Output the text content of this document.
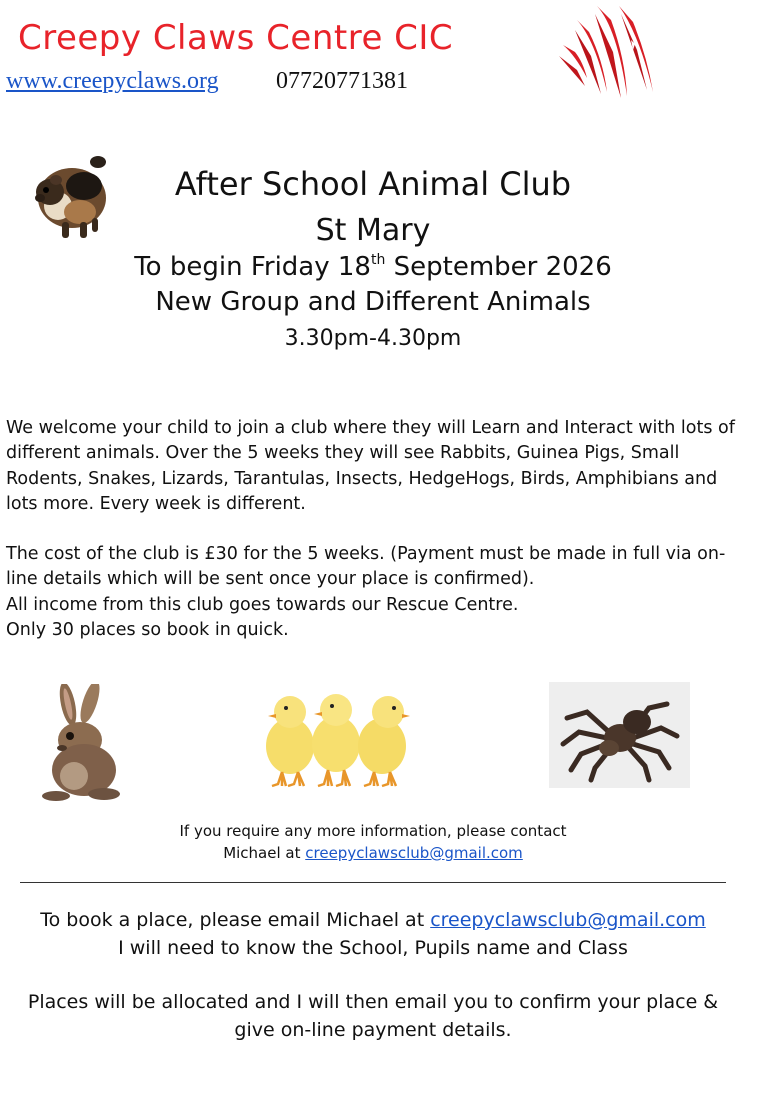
Creepy Claws Centre CIC
www.creepyclaws.org 07720771381
After School Animal Club
St Mary
To begin Friday 18th September 2026
New Group and Different Animals
3.30pm-4.30pm
We welcome your child to join a club where they will Learn and Interact with lots of different animals. Over the 5 weeks they will see Rabbits, Guinea Pigs, Small Rodents, Snakes, Lizards, Tarantulas, Insects, HedgeHogs, Birds, Amphibians and lots more. Every week is different.
The cost of the club is £30 for the 5 weeks. (Payment must be made in full via on-line details which will be sent once your place is confirmed).
All income from this club goes towards our Rescue Centre.
Only 30 places so book in quick.
If you require any more information, please contact
Michael at creepyclawsclub@gmail.com
To book a place, please email Michael at creepyclawsclub@gmail.com
I will need to know the School, Pupils name and Class
Places will be allocated and I will then email you to confirm your place & give on-line payment details.
